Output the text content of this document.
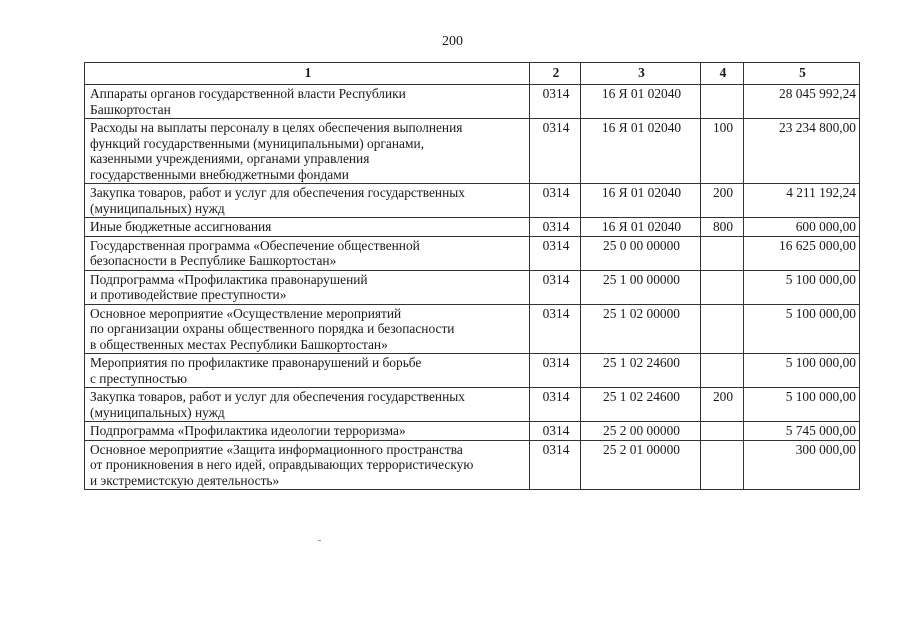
200
1	2	3	4	5
Аппараты органов государственной власти Республики
Башкортостан	0314	16 Я 01 02040		28 045 992,24
Расходы на выплаты персоналу в целях обеспечения выполнения
функций государственными (муниципальными) органами,
казенными учреждениями, органами управления
государственными внебюджетными фондами	0314	16 Я 01 02040	100	23 234 800,00
Закупка товаров, работ и услуг для обеспечения государственных
(муниципальных) нужд	0314	16 Я 01 02040	200	4 211 192,24
Иные бюджетные ассигнования	0314	16 Я 01 02040	800	600 000,00
Государственная программа «Обеспечение общественной
безопасности в Республике Башкортостан»	0314	25 0 00 00000		16 625 000,00
Подпрограмма «Профилактика правонарушений
и противодействие преступности»	0314	25 1 00 00000		5 100 000,00
Основное мероприятие «Осуществление мероприятий
по организации охраны общественного порядка и безопасности
в общественных местах Республики Башкортостан»	0314	25 1 02 00000		5 100 000,00
Мероприятия по профилактике правонарушений и борьбе
с преступностью	0314	25 1 02 24600		5 100 000,00
Закупка товаров, работ и услуг для обеспечения государственных
(муниципальных) нужд	0314	25 1 02 24600	200	5 100 000,00
Подпрограмма «Профилактика идеологии терроризма»	0314	25 2 00 00000		5 745 000,00
Основное мероприятие «Защита информационного пространства
от проникновения в него идей, оправдывающих террористическую
и экстремистскую деятельность»	0314	25 2 01 00000		300 000,00
